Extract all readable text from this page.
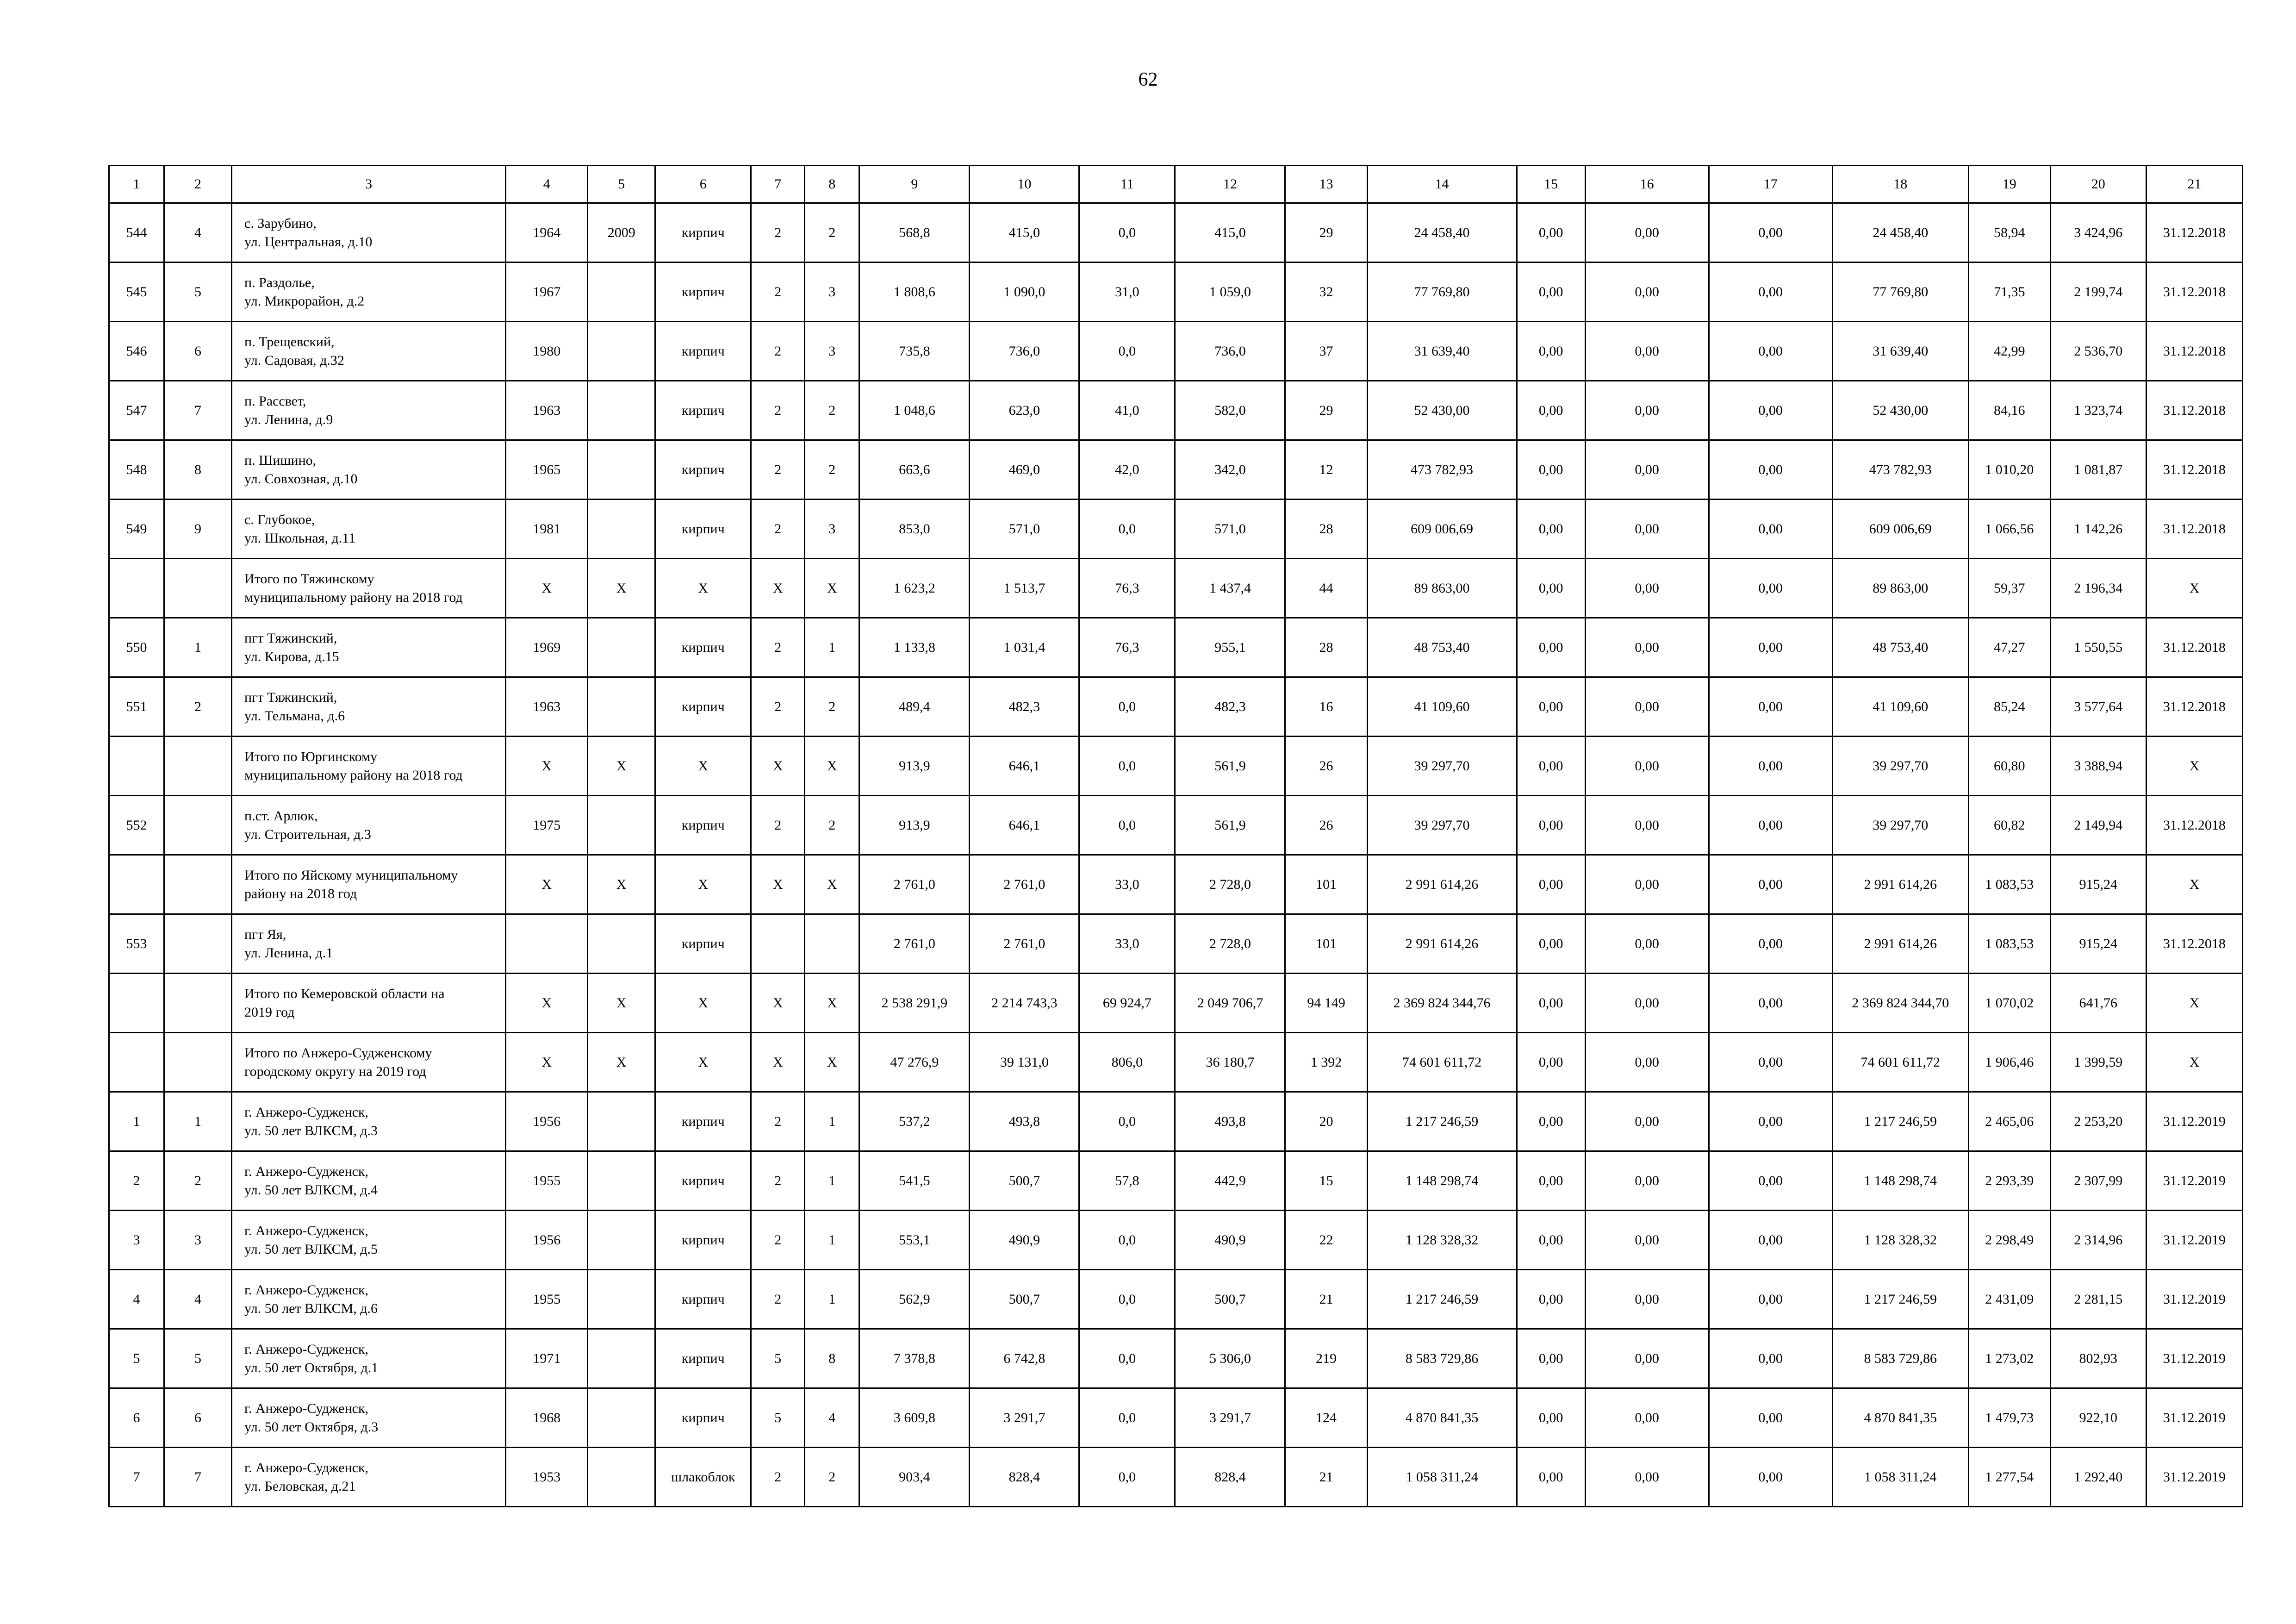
62
1	2	3	4	5	6	7	8	9	10	11	12	13	14	15	16	17	18	19	20	21
544	4	с. Зарубино,
ул. Центральная, д.10	1964	2009	кирпич	2	2	568,8	415,0	0,0	415,0	29	24 458,40	0,00	0,00	0,00	24 458,40	58,94	3 424,96	31.12.2018
545	5	п. Раздолье,
ул. Микрорайон, д.2	1967		кирпич	2	3	1 808,6	1 090,0	31,0	1 059,0	32	77 769,80	0,00	0,00	0,00	77 769,80	71,35	2 199,74	31.12.2018
546	6	п. Трещевский,
ул. Садовая, д.32	1980		кирпич	2	3	735,8	736,0	0,0	736,0	37	31 639,40	0,00	0,00	0,00	31 639,40	42,99	2 536,70	31.12.2018
547	7	п. Рассвет,
ул. Ленина, д.9	1963		кирпич	2	2	1 048,6	623,0	41,0	582,0	29	52 430,00	0,00	0,00	0,00	52 430,00	84,16	1 323,74	31.12.2018
548	8	п. Шишино,
ул. Совхозная, д.10	1965		кирпич	2	2	663,6	469,0	42,0	342,0	12	473 782,93	0,00	0,00	0,00	473 782,93	1 010,20	1 081,87	31.12.2018
549	9	с. Глубокое,
ул. Школьная, д.11	1981		кирпич	2	3	853,0	571,0	0,0	571,0	28	609 006,69	0,00	0,00	0,00	609 006,69	1 066,56	1 142,26	31.12.2018
		Итого по Тяжинскому
муниципальному району на 2018 год	X	X	X	X	X	1 623,2	1 513,7	76,3	1 437,4	44	89 863,00	0,00	0,00	0,00	89 863,00	59,37	2 196,34	X
550	1	пгт Тяжинский,
ул. Кирова, д.15	1969		кирпич	2	1	1 133,8	1 031,4	76,3	955,1	28	48 753,40	0,00	0,00	0,00	48 753,40	47,27	1 550,55	31.12.2018
551	2	пгт Тяжинский,
ул. Тельмана, д.6	1963		кирпич	2	2	489,4	482,3	0,0	482,3	16	41 109,60	0,00	0,00	0,00	41 109,60	85,24	3 577,64	31.12.2018
		Итого по Юргинскому
муниципальному району на 2018 год	X	X	X	X	X	913,9	646,1	0,0	561,9	26	39 297,70	0,00	0,00	0,00	39 297,70	60,80	3 388,94	X
552		п.ст. Арлюк,
ул. Строительная, д.3	1975		кирпич	2	2	913,9	646,1	0,0	561,9	26	39 297,70	0,00	0,00	0,00	39 297,70	60,82	2 149,94	31.12.2018
		Итого по Яйскому муниципальному
району на 2018 год	X	X	X	X	X	2 761,0	2 761,0	33,0	2 728,0	101	2 991 614,26	0,00	0,00	0,00	2 991 614,26	1 083,53	915,24	X
553		пгт Яя,
ул. Ленина, д.1			кирпич			2 761,0	2 761,0	33,0	2 728,0	101	2 991 614,26	0,00	0,00	0,00	2 991 614,26	1 083,53	915,24	31.12.2018
		Итого по Кемеровской области на
2019 год	X	X	X	X	X	2 538 291,9	2 214 743,3	69 924,7	2 049 706,7	94 149	2 369 824 344,76	0,00	0,00	0,00	2 369 824 344,70	1 070,02	641,76	X
		Итого по Анжеро-Судженскому
городскому округу на 2019 год	X	X	X	X	X	47 276,9	39 131,0	806,0	36 180,7	1 392	74 601 611,72	0,00	0,00	0,00	74 601 611,72	1 906,46	1 399,59	X
1	1	г. Анжеро-Судженск,
ул. 50 лет ВЛКСМ, д.3	1956		кирпич	2	1	537,2	493,8	0,0	493,8	20	1 217 246,59	0,00	0,00	0,00	1 217 246,59	2 465,06	2 253,20	31.12.2019
2	2	г. Анжеро-Судженск,
ул. 50 лет ВЛКСМ, д.4	1955		кирпич	2	1	541,5	500,7	57,8	442,9	15	1 148 298,74	0,00	0,00	0,00	1 148 298,74	2 293,39	2 307,99	31.12.2019
3	3	г. Анжеро-Судженск,
ул. 50 лет ВЛКСМ, д.5	1956		кирпич	2	1	553,1	490,9	0,0	490,9	22	1 128 328,32	0,00	0,00	0,00	1 128 328,32	2 298,49	2 314,96	31.12.2019
4	4	г. Анжеро-Судженск,
ул. 50 лет ВЛКСМ, д.6	1955		кирпич	2	1	562,9	500,7	0,0	500,7	21	1 217 246,59	0,00	0,00	0,00	1 217 246,59	2 431,09	2 281,15	31.12.2019
5	5	г. Анжеро-Судженск,
ул. 50 лет Октября, д.1	1971		кирпич	5	8	7 378,8	6 742,8	0,0	5 306,0	219	8 583 729,86	0,00	0,00	0,00	8 583 729,86	1 273,02	802,93	31.12.2019
6	6	г. Анжеро-Судженск,
ул. 50 лет Октября, д.3	1968		кирпич	5	4	3 609,8	3 291,7	0,0	3 291,7	124	4 870 841,35	0,00	0,00	0,00	4 870 841,35	1 479,73	922,10	31.12.2019
7	7	г. Анжеро-Судженск,
ул. Беловская, д.21	1953		шлакоблок	2	2	903,4	828,4	0,0	828,4	21	1 058 311,24	0,00	0,00	0,00	1 058 311,24	1 277,54	1 292,40	31.12.2019
